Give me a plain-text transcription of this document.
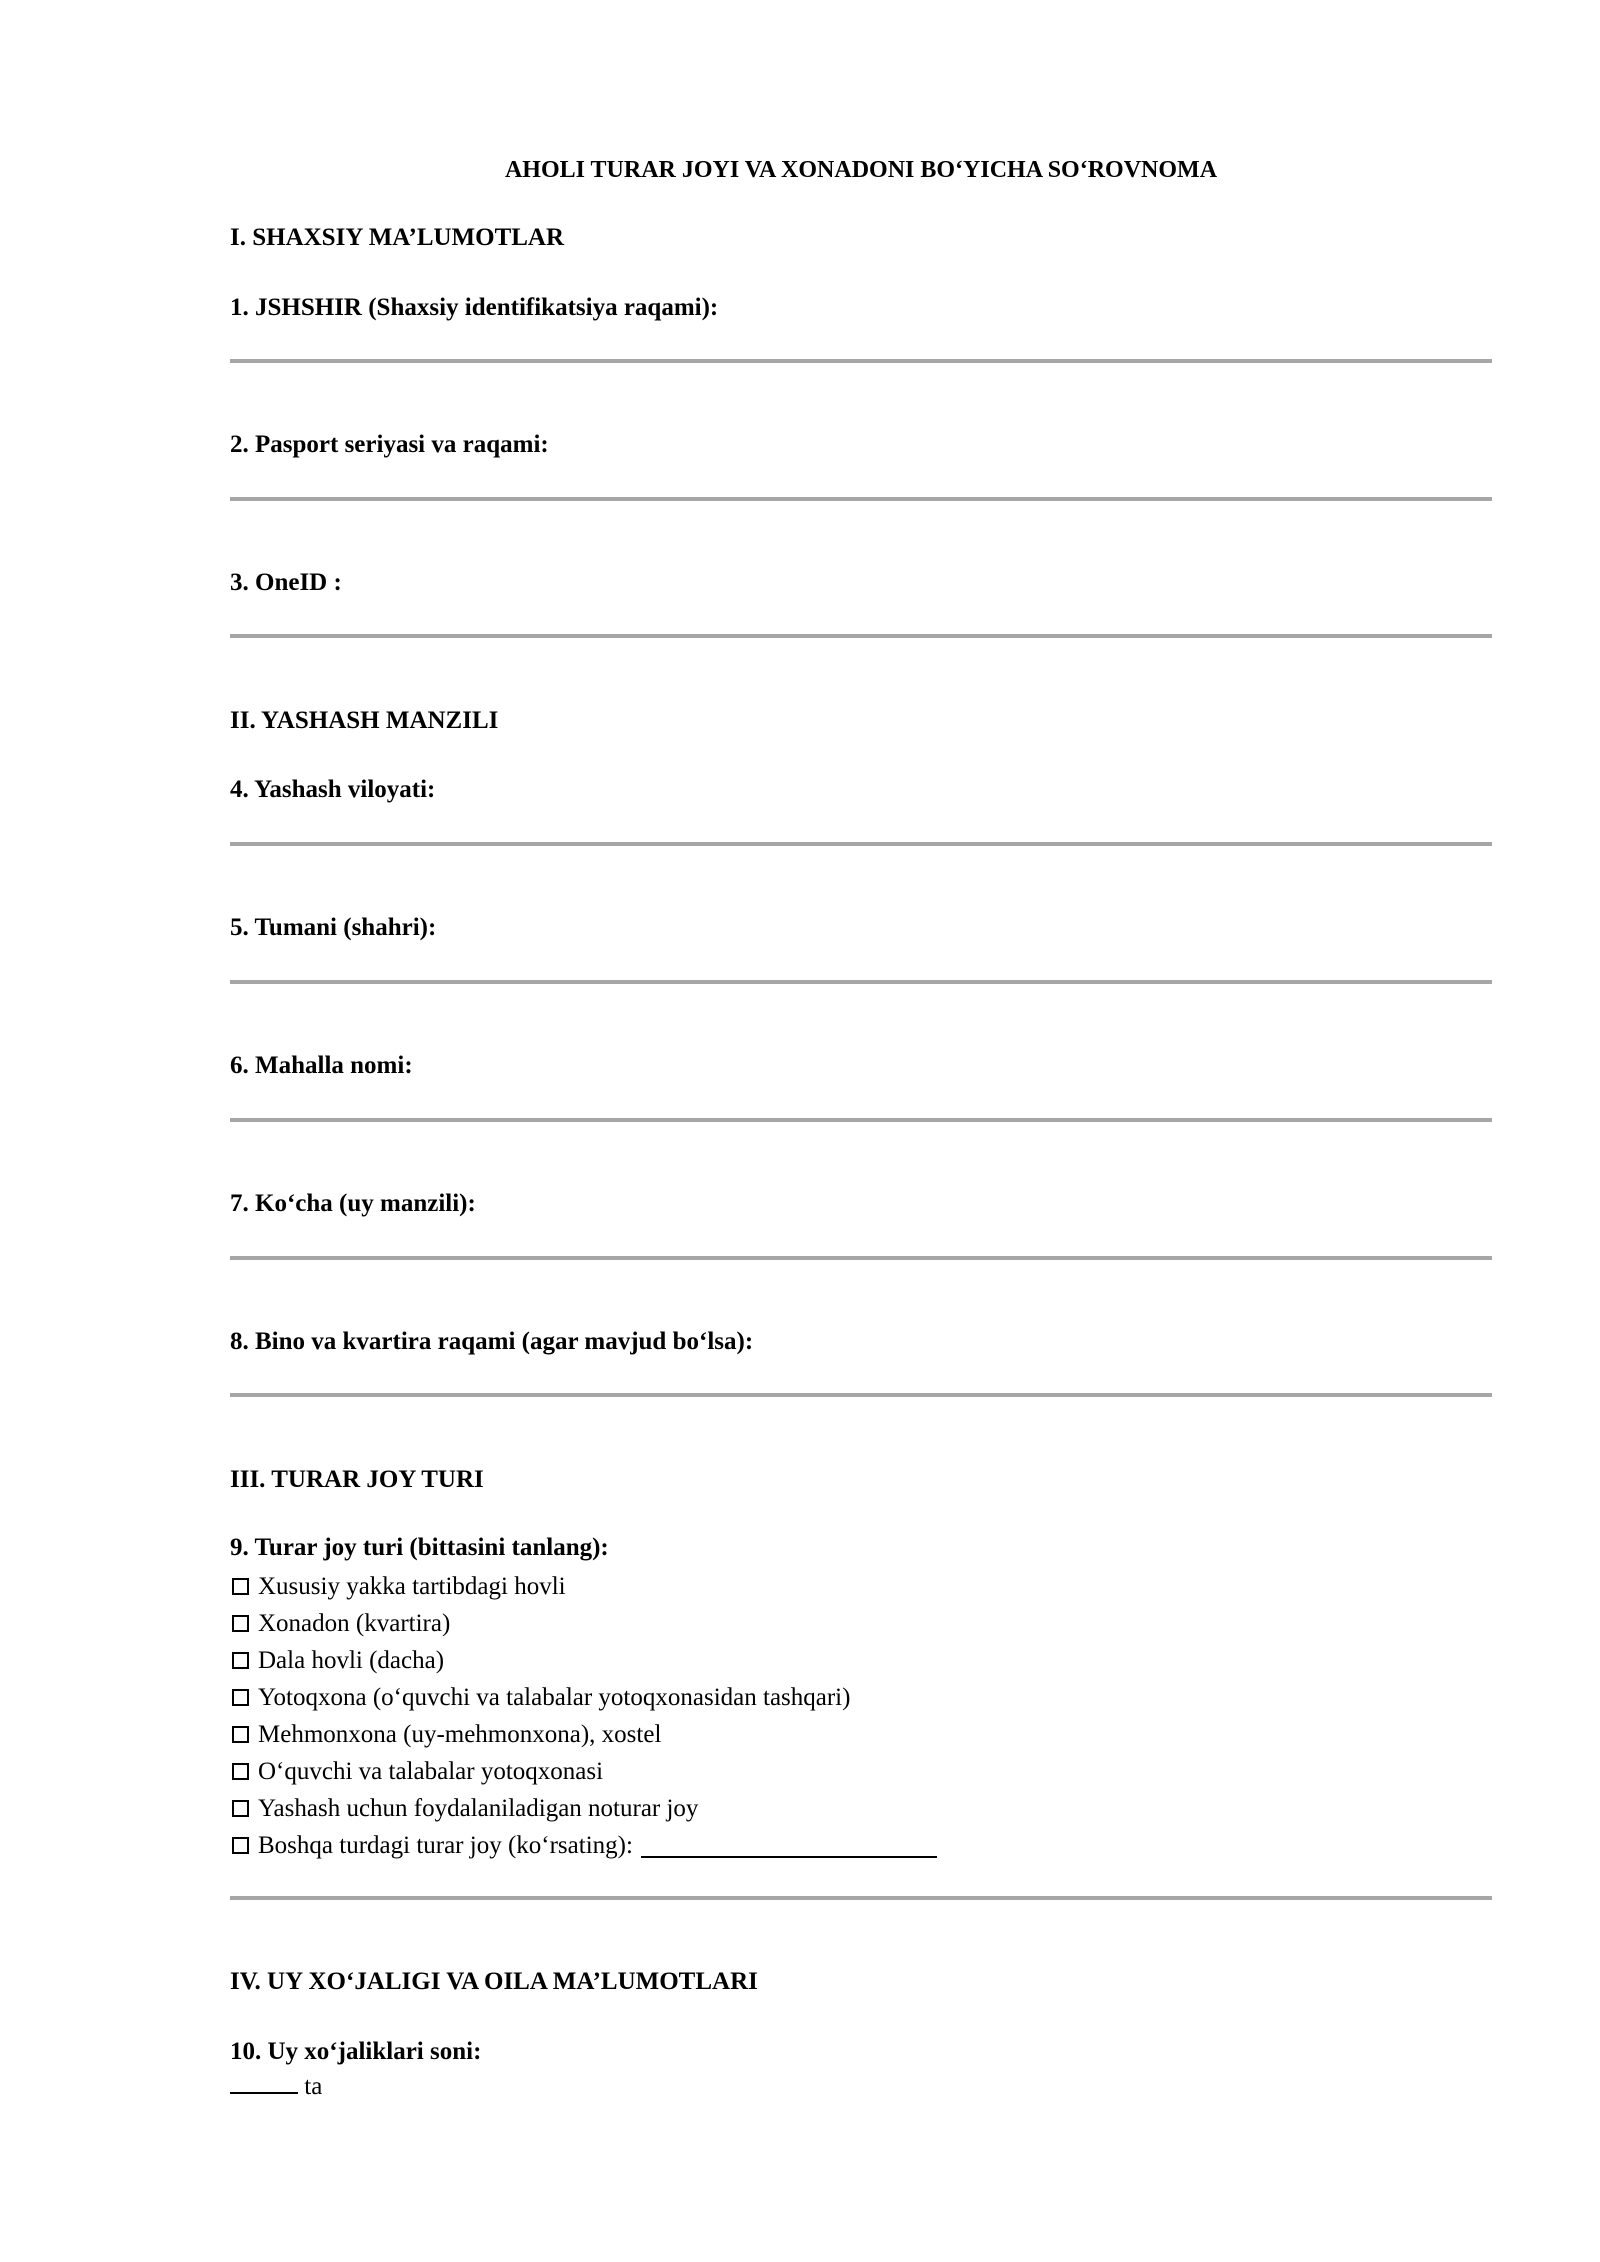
AHOLI TURAR JOYI VA XONADONI BO‘YICHA SO‘ROVNOMA
I. SHAXSIY MA’LUMOTLAR
1. JSHSHIR (Shaxsiy identifikatsiya raqami):
2. Pasport seriyasi va raqami:
3. OneID :
II. YASHASH MANZILI
4. Yashash viloyati:
5. Tumani (shahri):
6. Mahalla nomi:
7. Ko‘cha (uy manzili):
8. Bino va kvartira raqami (agar mavjud bo‘lsa):
III. TURAR JOY TURI
9. Turar joy turi (bittasini tanlang):
Xususiy yakka tartibdagi hovli
Xonadon (kvartira)
Dala hovli (dacha)
Yotoqxona (o‘quvchi va talabalar yotoqxonasidan tashqari)
Mehmonxona (uy-mehmonxona), xostel
O‘quvchi va talabalar yotoqxonasi
Yashash uchun foydalaniladigan noturar joy
Boshqa turdagi turar joy (ko‘rsating):
IV. UY XO‘JALIGI VA OILA MA’LUMOTLARI
10. Uy xo‘jaliklari soni:
ta
